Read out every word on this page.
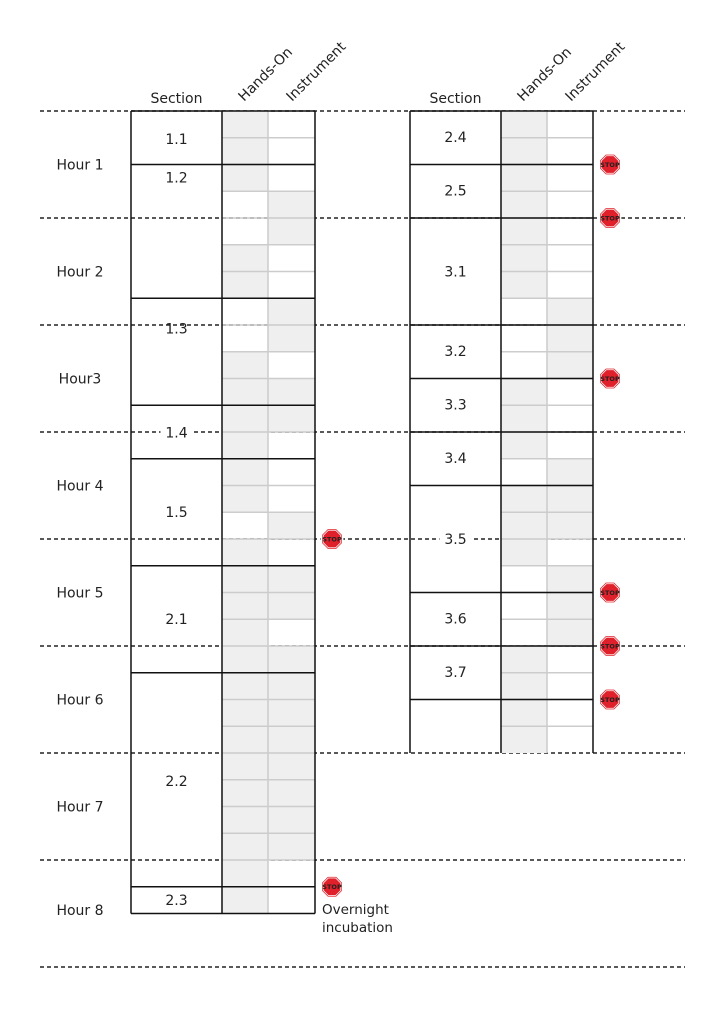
Hour 1
Hour 2
Hour3
Hour 4
Hour 5
Hour 6
Hour 7
Hour 8
1.1
1.2
1.3
1.4
1.5
2.1
2.2
2.3
2.4
2.5
3.1
3.2
3.3
3.4
3.5
3.6
3.7
Section Hands-On
Instrument	Section Hands-On
Instrument
STOP
STOP
STOP
STOP
STOP
STOP
STOP
STOP
Overnight
incubation
